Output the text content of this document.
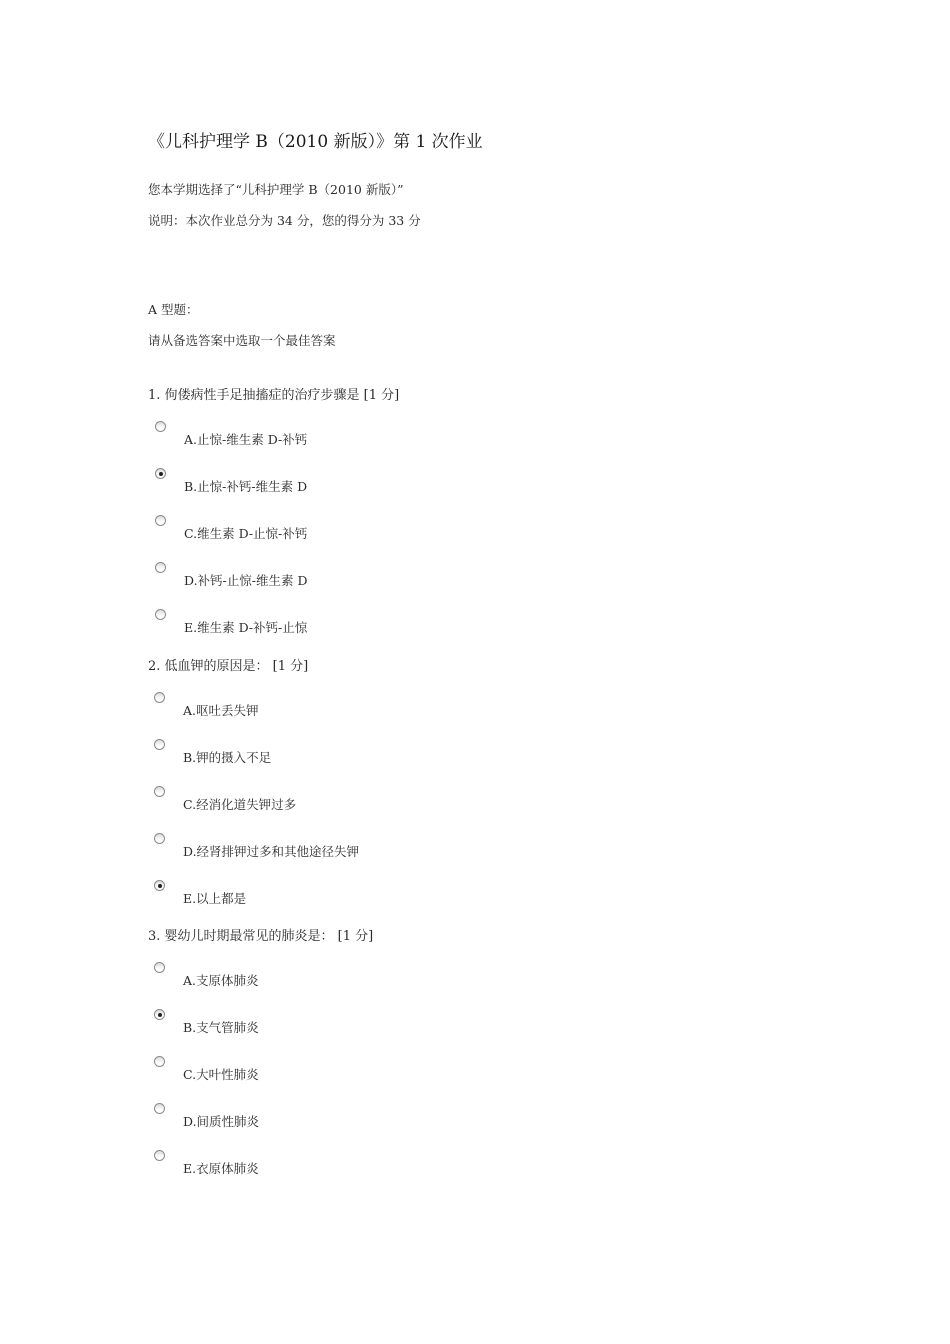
《儿科护理学 B（2010 新版）》第 1 次作业
您本学期选择了“儿科护理学 B（2010 新版）”
说明：本次作业总分为 34 分，您的得分为 33 分
A 型题：
请从备选答案中选取一个最佳答案
1. 佝偻病性手足抽搐症的治疗步骤是 [1 分]
A.止惊-维生素 D-补钙
B.止惊-补钙-维生素 D
C.维生素 D-止惊-补钙
D.补钙-止惊-维生素 D
E.维生素 D-补钙-止惊
2. 低血钾的原因是： [1 分]
A.呕吐丢失钾
B.钾的摄入不足
C.经消化道失钾过多
D.经肾排钾过多和其他途径失钾
E.以上都是
3. 婴幼儿时期最常见的肺炎是： [1 分]
A.支原体肺炎
B.支气管肺炎
C.大叶性肺炎
D.间质性肺炎
E.衣原体肺炎
